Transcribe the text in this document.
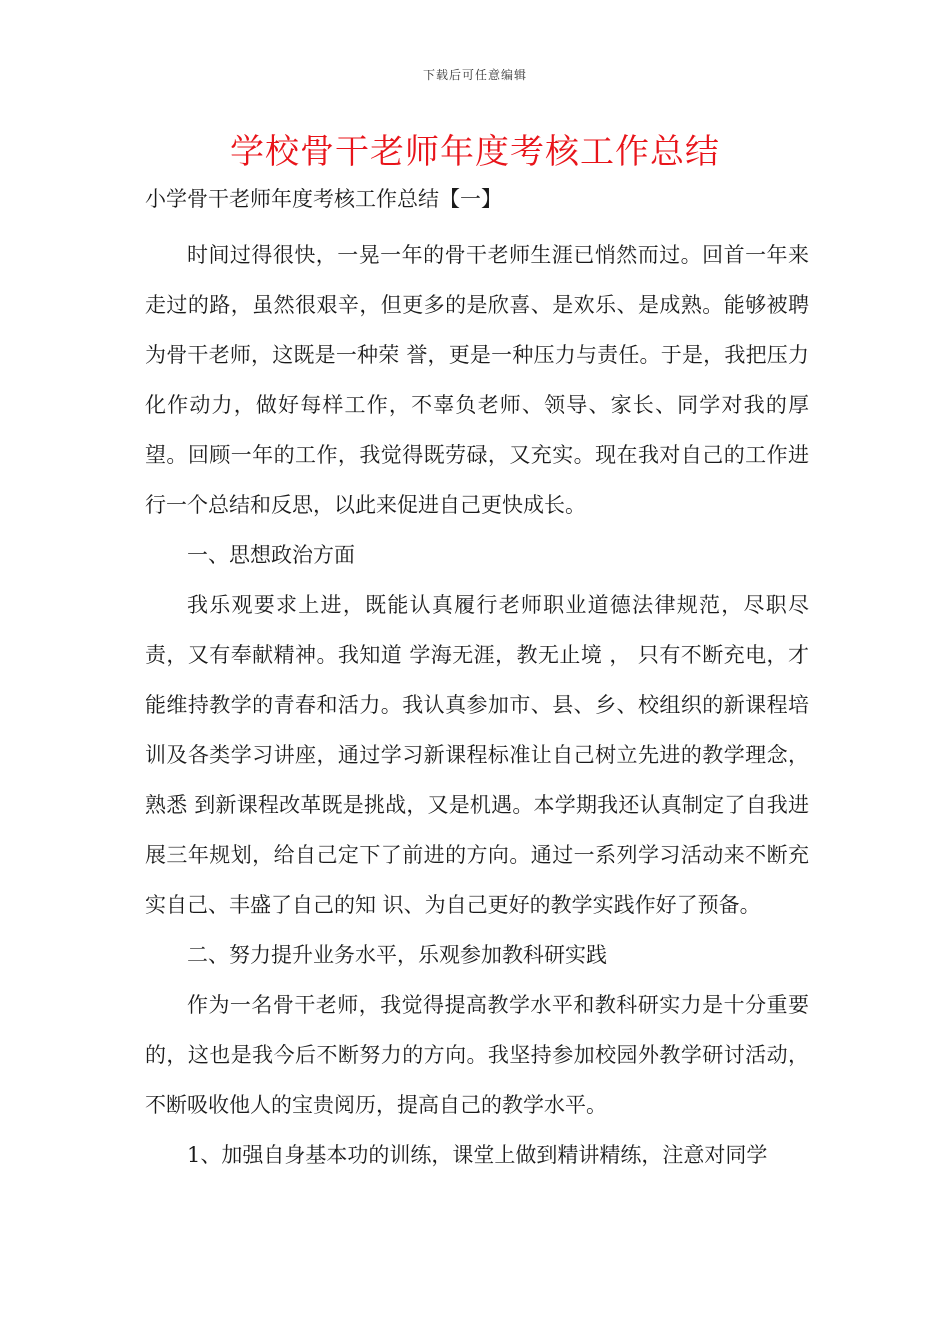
下载后可任意编辑
学校骨干老师年度考核工作总结
小学骨干老师年度考核工作总结【一】

时间过得很快，一晃一年的骨干老师生涯已悄然而过。回首一年来走过的路，虽然很艰辛，但更多的是欣喜、是欢乐、是成熟。能够被聘为骨干老师，这既是一种荣 誉，更是一种压力与责任。于是，我把压力化作动力，做好每样工作，不辜负老师、领导、家长、同学对我的厚望。回顾一年的工作，我觉得既劳碌，又充实。现在我对自己的工作进行一个总结和反思，以此来促进自己更快成长。

一、思想政治方面

我乐观要求上进，既能认真履行老师职业道德法律规范，尽职尽责，又有奉献精神。我知道 学海无涯，教无止境 ， 只有不断充电，才能维持教学的青春和活力。我认真参加市、县、乡、校组织的新课程培训及各类学习讲座，通过学习新课程标准让自己树立先进的教学理念，熟悉 到新课程改革既是挑战，又是机遇。本学期我还认真制定了自我进展三年规划，给自己定下了前进的方向。通过一系列学习活动来不断充实自己、丰盛了自己的知 识、为自己更好的教学实践作好了预备。

二、努力提升业务水平，乐观参加教科研实践

作为一名骨干老师，我觉得提高教学水平和教科研实力是十分重要的，这也是我今后不断努力的方向。我坚持参加校园外教学研讨活动，不断吸收他人的宝贵阅历，提高自己的教学水平。

1、加强自身基本功的训练，课堂上做到精讲精练，注意对同学
